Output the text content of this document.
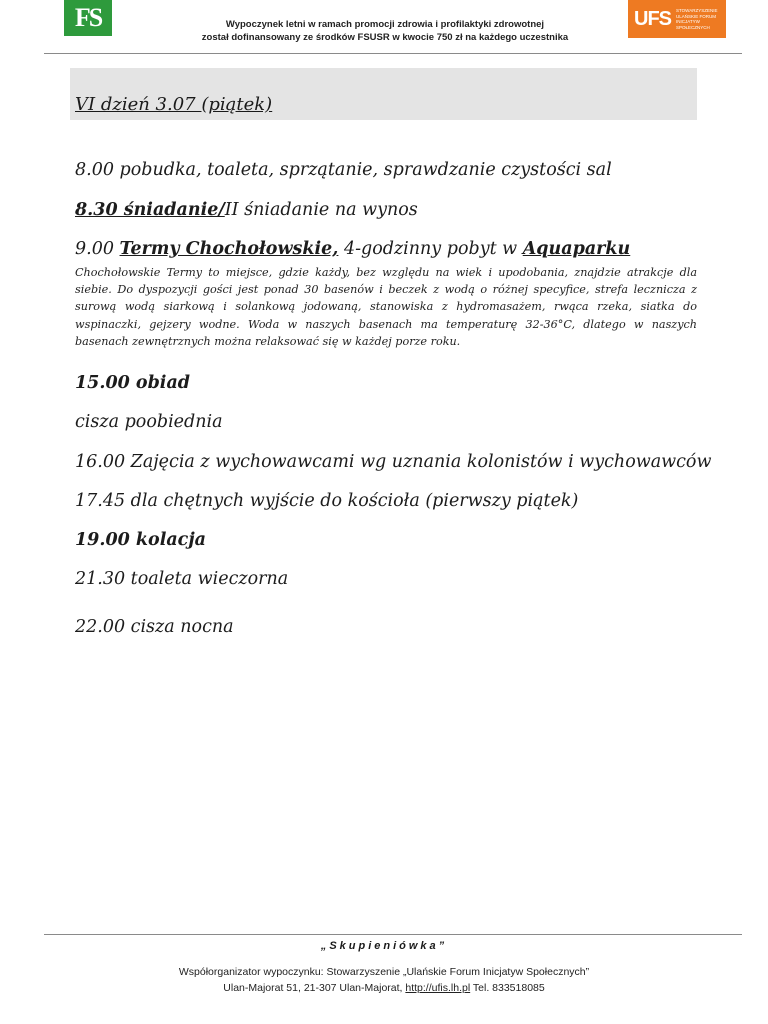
FS	Wypoczynek letni w ramach promocji zdrowia i profilaktyki zdrowotnej
został dofinansowany ze środków FSUSR w kwocie 750 zł na każdego uczestnika
UFS STOWARZYSZENIE ULAŃSKIE FORUM INICJATYW SPOŁECZNYCH
VI dzień 3.07 (piątek)
8.00 pobudka, toaleta, sprzątanie, sprawdzanie czystości sal
8.30 śniadanie/II śniadanie na wynos
9.00 Termy Chochołowskie, 4-godzinny pobyt w Aquaparku
Chochołowskie Termy to miejsce, gdzie każdy, bez względu na wiek i upodobania, znajdzie atrakcje dla siebie. Do dyspozycji gości jest ponad 30 basenów i beczek z wodą o różnej specyfice, strefa lecznicza z surową wodą siarkową i solankową jodowaną, stanowiska z hydromasażem, rwąca rzeka, siatka do wspinaczki, gejzery wodne. Woda w naszych basenach ma temperaturę 32-36°C, dlatego w naszych basenach zewnętrznych można relaksować się w każdej porze roku.
15.00 obiad
cisza poobiednia
16.00 Zajęcia z wychowawcami wg uznania kolonistów i wychowawców
17.45 dla chętnych wyjście do kościoła (pierwszy piątek)
19.00 kolacja
21.30 toaleta wieczorna
22.00 cisza nocna
„Skupieniówka”
Współorganizator wypoczynku: Stowarzyszenie „Ulańskie Forum Inicjatyw Społecznych”
Ulan-Majorat 51, 21-307 Ulan-Majorat, http://ufis.lh.pl Tel. 833518085
